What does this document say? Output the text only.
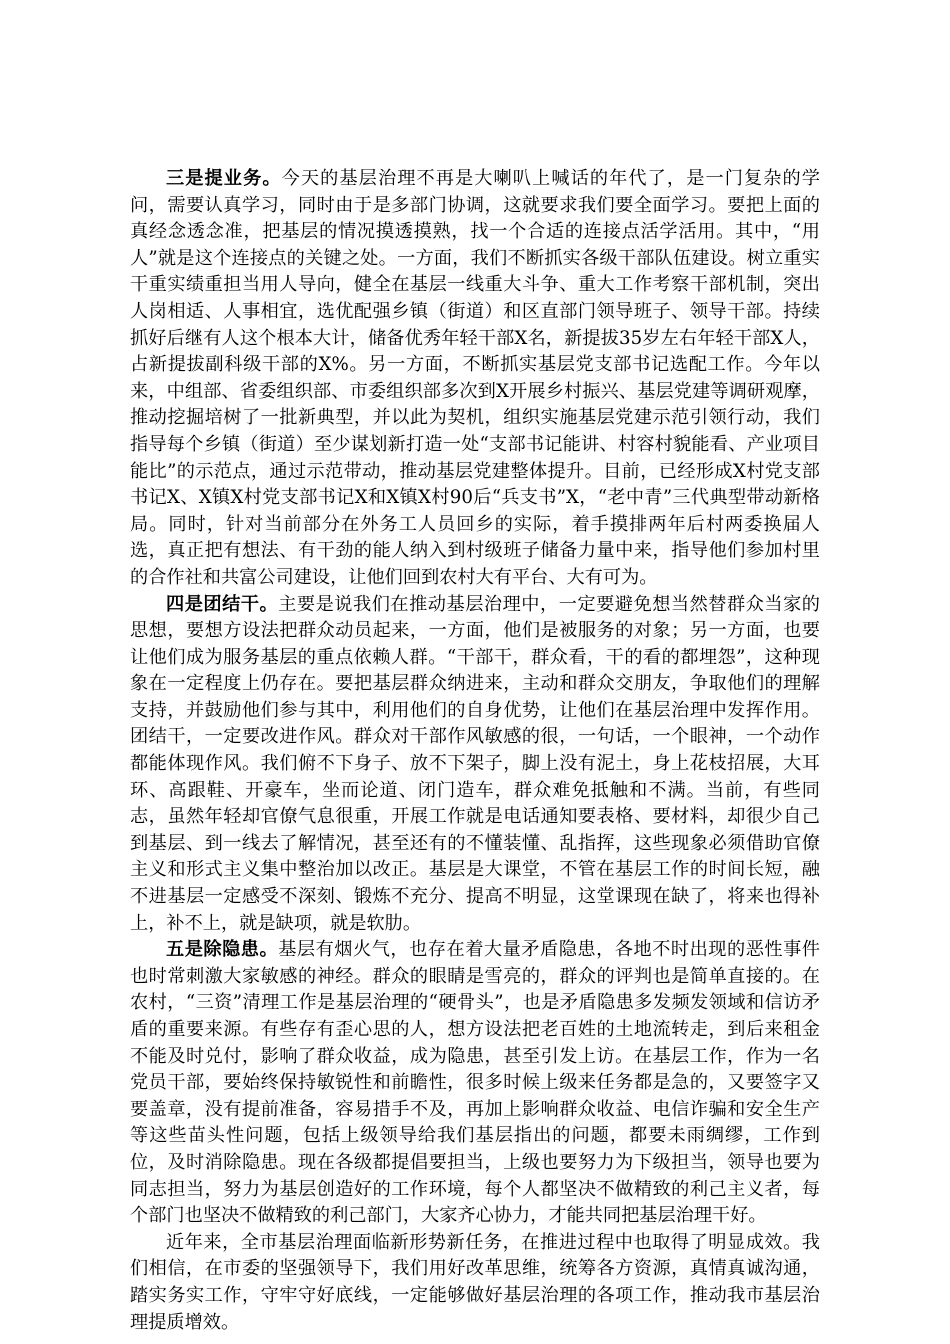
三是提业务。今天的基层治理不再是大喇叭上喊话的年代了，是一门复杂的学问，需要认真学习，同时由于是多部门协调，这就要求我们要全面学习。要把上面的真经念透念准，把基层的情况摸透摸熟，找一个合适的连接点活学活用。其中，“用人”就是这个连接点的关键之处。一方面，我们不断抓实各级干部队伍建设。树立重实干重实绩重担当用人导向，健全在基层一线重大斗争、重大工作考察干部机制，突出人岗相适、人事相宜，选优配强乡镇（街道）和区直部门领导班子、领导干部。持续抓好后继有人这个根本大计，储备优秀年轻干部X名，新提拔35岁左右年轻干部X人，占新提拔副科级干部的X%。另一方面，不断抓实基层党支部书记选配工作。今年以来，中组部、省委组织部、市委组织部多次到X开展乡村振兴、基层党建等调研观摩，推动挖掘培树了一批新典型，并以此为契机，组织实施基层党建示范引领行动，我们指导每个乡镇（街道）至少谋划新打造一处“支部书记能讲、村容村貌能看、产业项目能比”的示范点，通过示范带动，推动基层党建整体提升。目前，已经形成X村党支部书记X、X镇X村党支部书记X和X镇X村90后“兵支书”X，“老中青”三代典型带动新格局。同时，针对当前部分在外务工人员回乡的实际，着手摸排两年后村两委换届人选，真正把有想法、有干劲的能人纳入到村级班子储备力量中来，指导他们参加村里的合作社和共富公司建设，让他们回到农村大有平台、大有可为。

四是团结干。主要是说我们在推动基层治理中，一定要避免想当然替群众当家的思想，要想方设法把群众动员起来，一方面，他们是被服务的对象；另一方面，也要让他们成为服务基层的重点依赖人群。“干部干，群众看，干的看的都埋怨”，这种现象在一定程度上仍存在。要把基层群众纳进来，主动和群众交朋友，争取他们的理解支持，并鼓励他们参与其中，利用他们的自身优势，让他们在基层治理中发挥作用。团结干，一定要改进作风。群众对干部作风敏感的很，一句话，一个眼神，一个动作都能体现作风。我们俯不下身子、放不下架子，脚上没有泥土，身上花枝招展，大耳环、高跟鞋、开豪车，坐而论道、闭门造车，群众难免抵触和不满。当前，有些同志，虽然年轻却官僚气息很重，开展工作就是电话通知要表格、要材料，却很少自己到基层、到一线去了解情况，甚至还有的不懂装懂、乱指挥，这些现象必须借助官僚主义和形式主义集中整治加以改正。基层是大课堂，不管在基层工作的时间长短，融不进基层一定感受不深刻、锻炼不充分、提高不明显，这堂课现在缺了，将来也得补上，补不上，就是缺项，就是软肋。

五是除隐患。基层有烟火气，也存在着大量矛盾隐患，各地不时出现的恶性事件也时常刺激大家敏感的神经。群众的眼睛是雪亮的，群众的评判也是简单直接的。在农村，“三资”清理工作是基层治理的“硬骨头”，也是矛盾隐患多发频发领域和信访矛盾的重要来源。有些存有歪心思的人，想方设法把老百姓的土地流转走，到后来租金不能及时兑付，影响了群众收益，成为隐患，甚至引发上访。在基层工作，作为一名党员干部，要始终保持敏锐性和前瞻性，很多时候上级来任务都是急的，又要签字又要盖章，没有提前准备，容易措手不及，再加上影响群众收益、电信诈骗和安全生产等这些苗头性问题，包括上级领导给我们基层指出的问题，都要未雨绸缪，工作到位，及时消除隐患。现在各级都提倡要担当，上级也要努力为下级担当，领导也要为同志担当，努力为基层创造好的工作环境，每个人都坚决不做精致的利己主义者，每个部门也坚决不做精致的利己部门，大家齐心协力，才能共同把基层治理干好。

近年来，全市基层治理面临新形势新任务，在推进过程中也取得了明显成效。我们相信，在市委的坚强领导下，我们用好改革思维，统筹各方资源，真情真诚沟通，踏实务实工作，守牢守好底线，一定能够做好基层治理的各项工作，推动我市基层治理提质增效。
